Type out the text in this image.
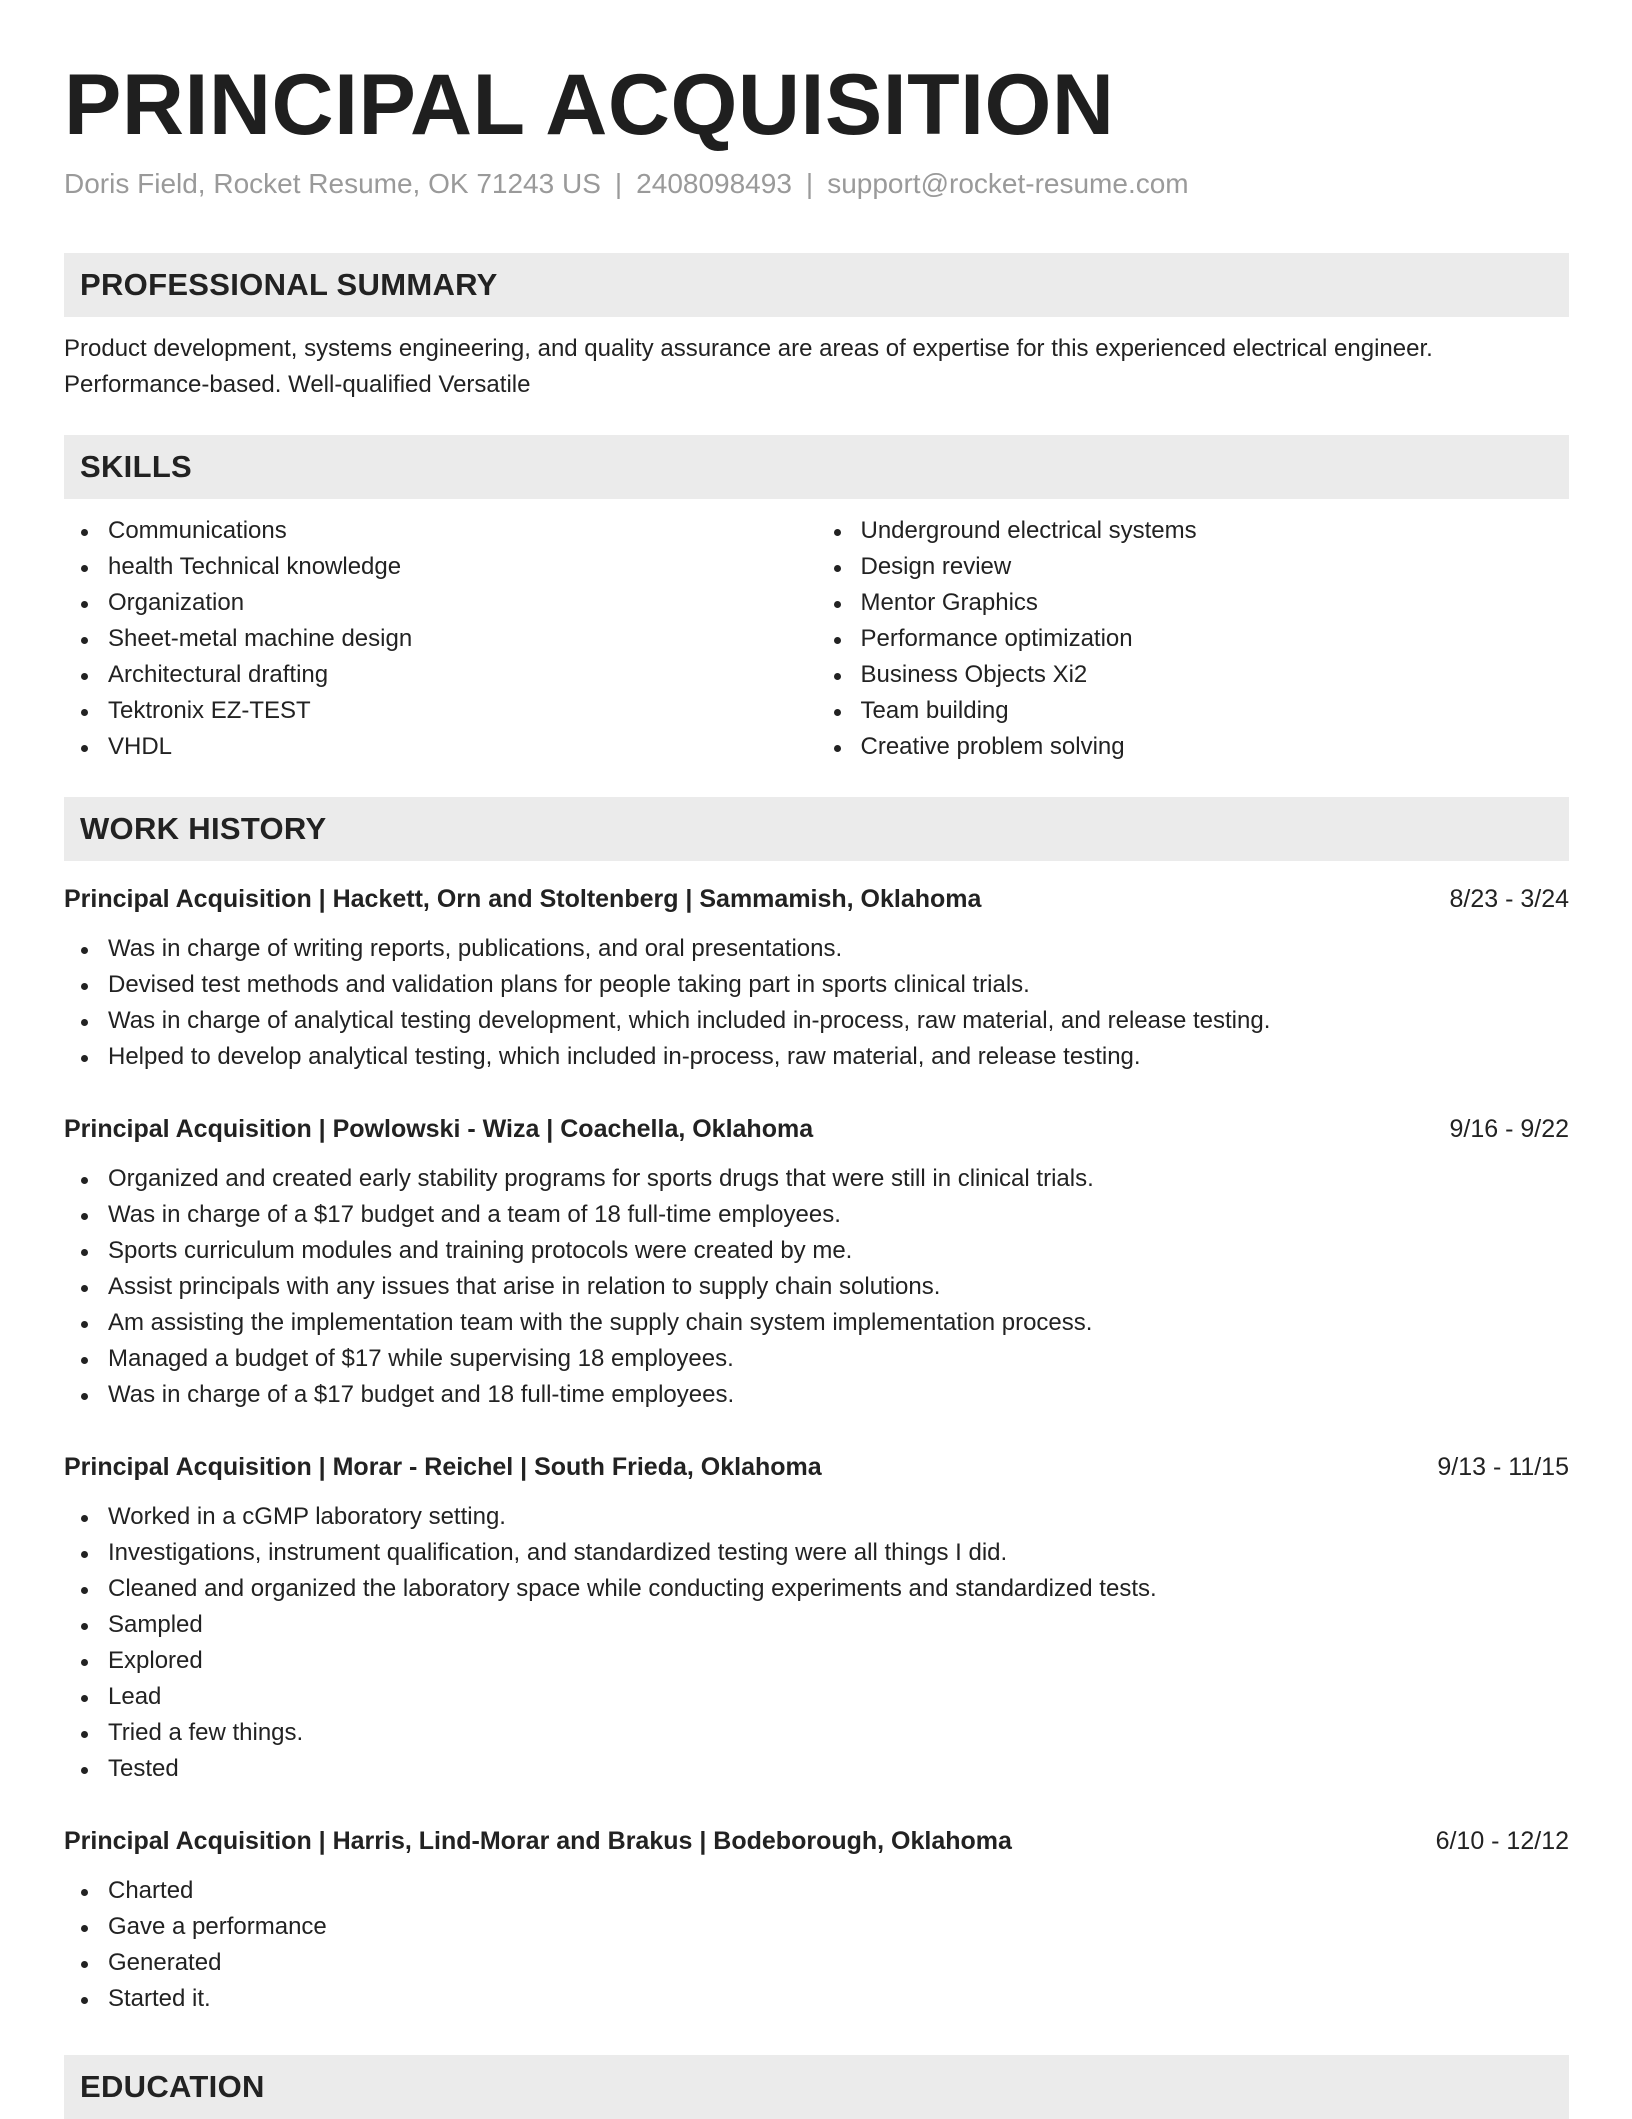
PRINCIPAL ACQUISITION
Doris Field, Rocket Resume, OK 71243 US | 2408098493 | support@rocket-resume.com
PROFESSIONAL SUMMARY

Product development, systems engineering, and quality assurance are areas of expertise for this experienced electrical engineer. Performance-based. Well-qualified Versatile

SKILLS
Communications
health Technical knowledge
Organization
Sheet-metal machine design
Architectural drafting
Tektronix EZ-TEST
VHDL
Underground electrical systems
Design review
Mentor Graphics
Performance optimization
Business Objects Xi2
Team building
Creative problem solving
WORK HISTORY
Principal Acquisition | Hackett, Orn and Stoltenberg | Sammamish, Oklahoma	8/23 - 3/24
Was in charge of writing reports, publications, and oral presentations.
Devised test methods and validation plans for people taking part in sports clinical trials.
Was in charge of analytical testing development, which included in-process, raw material, and release testing.
Helped to develop analytical testing, which included in-process, raw material, and release testing.
Principal Acquisition | Powlowski - Wiza | Coachella, Oklahoma	9/16 - 9/22
Organized and created early stability programs for sports drugs that were still in clinical trials.
Was in charge of a $17 budget and a team of 18 full-time employees.
Sports curriculum modules and training protocols were created by me.
Assist principals with any issues that arise in relation to supply chain solutions.
Am assisting the implementation team with the supply chain system implementation process.
Managed a budget of $17 while supervising 18 employees.
Was in charge of a $17 budget and 18 full-time employees.
Principal Acquisition | Morar - Reichel | South Frieda, Oklahoma	9/13 - 11/15
Worked in a cGMP laboratory setting.
Investigations, instrument qualification, and standardized testing were all things I did.
Cleaned and organized the laboratory space while conducting experiments and standardized tests.
Sampled
Explored
Lead
Tried a few things.
Tested
Principal Acquisition | Harris, Lind-Morar and Brakus | Bodeborough, Oklahoma	6/10 - 12/12
Charted
Gave a performance
Generated
Started it.
EDUCATION
